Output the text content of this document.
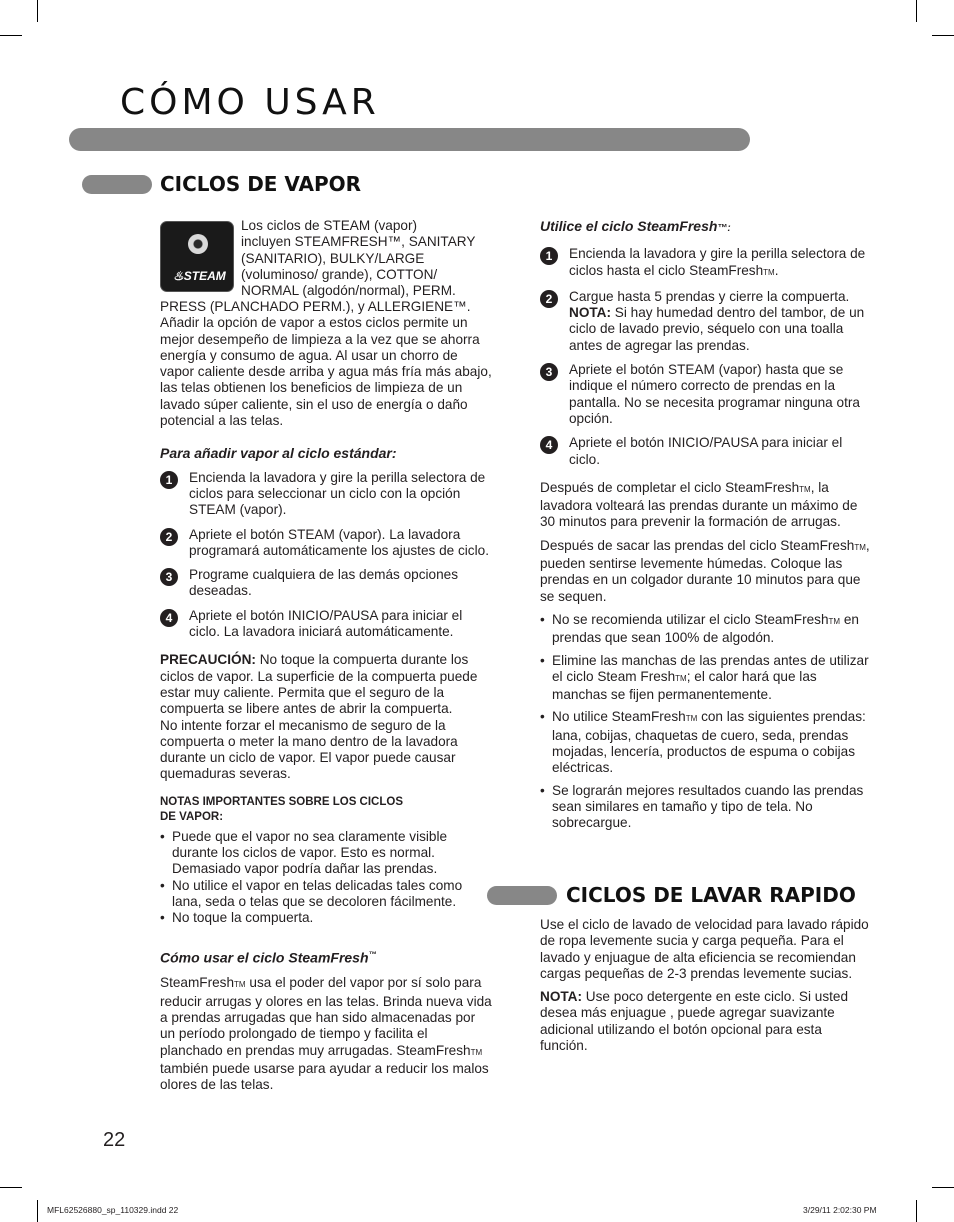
CÓMO USAR
CICLOS DE VAPOR
♨STEAM
Los ciclos de STEAM (vapor)
incluyen STEAMFRESH™, SANITARY
(SANITARIO), BULKY/LARGE
(voluminoso/ grande), COTTON/
NORMAL (algodón/normal), PERM.

PRESS (PLANCHADO PERM.), y ALLERGIENE™. Añadir la opción de vapor a estos ciclos permite un mejor desempeño de limpieza a la vez que se ahorra energía y consumo de agua. Al usar un chorro de vapor caliente desde arriba y agua más fría más abajo, las telas obtienen los beneficios de limpieza de un lavado súper caliente, sin el uso de energía o daño potencial a las telas.

Para añadir vapor al ciclo estándar:

1	Encienda la lavadora y gire la perilla selectora de ciclos para seleccionar un ciclo con la opción STEAM (vapor).
2	Apriete el botón STEAM (vapor). La lavadora programará automáticamente los ajustes de ciclo.
3	Programe cualquiera de las demás opciones deseadas.
4	Apriete el botón INICIO/PAUSA para iniciar el ciclo. La lavadora iniciará automáticamente.

PRECAUCIÓN: No toque la compuerta durante los ciclos de vapor. La superficie de la compuerta puede estar muy caliente. Permita que el seguro de la compuerta se libere antes de abrir la compuerta.

No intente forzar el mecanismo de seguro de la compuerta o meter la mano dentro de la lavadora durante un ciclo de vapor. El vapor puede causar quemaduras severas.

NOTAS IMPORTANTES SOBRE LOS CICLOS
DE VAPOR:
• Puede que el vapor no sea claramente visible durante los ciclos de vapor. Esto es normal. Demasiado vapor podría dañar las prendas.
• No utilice el vapor en telas delicadas tales como lana, seda o telas que se decoloren fácilmente.
• No toque la compuerta.

Cómo usar el ciclo SteamFresh™

SteamFreshTM usa el poder del vapor por sí solo para reducir arrugas y olores en las telas. Brinda nueva vida a prendas arrugadas que han sido almacenadas por un período prolongado de tiempo y facilita el planchado en prendas muy arrugadas. SteamFreshTM también puede usarse para ayudar a reducir los malos olores de las telas.

Utilice el ciclo SteamFresh™:

1	Encienda la lavadora y gire la perilla selectora de ciclos hasta el ciclo SteamFreshTM.
2	Cargue hasta 5 prendas y cierre la compuerta.
NOTA: Si hay humedad dentro del tambor, de un ciclo de lavado previo, séquelo con una toalla antes de agregar las prendas.
3	Apriete el botón STEAM (vapor) hasta que se indique el número correcto de prendas en la pantalla. No se necesita programar ninguna otra opción.
4	Apriete el botón INICIO/PAUSA para iniciar el ciclo.

Después de completar el ciclo SteamFreshTM, la lavadora volteará las prendas durante un máximo de 30 minutos para prevenir la formación de arrugas.

Después de sacar las prendas del ciclo SteamFreshTM, pueden sentirse levemente húmedas. Coloque las prendas en un colgador durante 10 minutos para que se sequen.

• No se recomienda utilizar el ciclo SteamFreshTM en prendas que sean 100% de algodón.
• Elimine las manchas de las prendas antes de utilizar el ciclo Steam FreshTM; el calor hará que las manchas se fijen permanentemente.
• No utilice SteamFreshTM con las siguientes prendas: lana, cobijas, chaquetas de cuero, seda, prendas mojadas, lencería, productos de espuma o cobijas eléctricas.
• Se lograrán mejores resultados cuando las prendas sean similares en tamaño y tipo de tela. No sobrecargue.
CICLOS DE LAVAR RAPIDO

Use el ciclo de lavado de velocidad para lavado rápido de ropa levemente sucia y carga pequeña. Para el lavado y enjuague de alta eficiencia se recomiendan cargas pequeñas de 2-3 prendas levemente sucias.

NOTA: Use poco detergente en este ciclo. Si usted desea más enjuague , puede agregar suavizante adicional utilizando el botón opcional para esta función.

22

MFL62526880_sp_110329.indd 22	3/29/11 2:02:30 PM
